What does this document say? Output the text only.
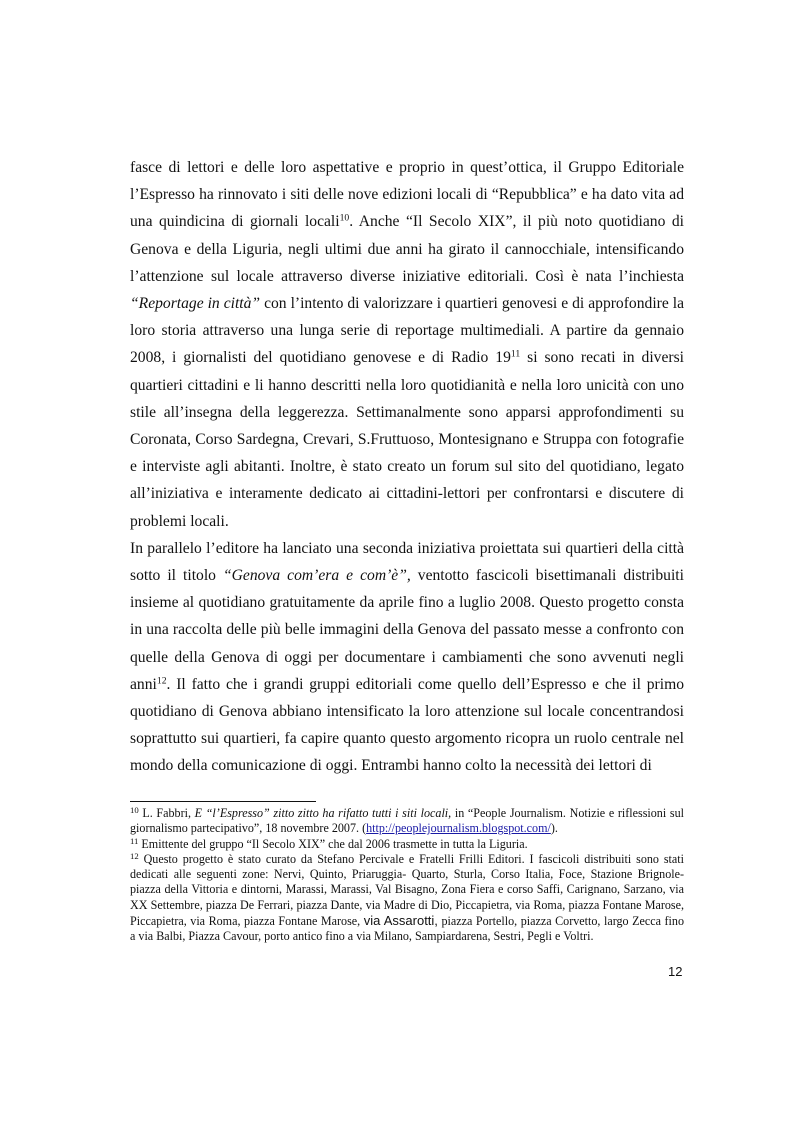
fasce di lettori e delle loro aspettative e proprio in quest’ottica, il Gruppo Editoriale l’Espresso ha rinnovato i siti delle nove edizioni locali di “Repubblica” e ha dato vita ad una quindicina di giornali locali$^{10}$. Anche “Il Secolo XIX”, il più noto quotidiano di Genova e della Liguria, negli ultimi due anni ha girato il cannocchiale, intensificando l’attenzione sul locale attraverso diverse iniziative editoriali. Così è nata l’inchiesta “Reportage in città” con l’intento di valorizzare i quartieri genovesi e di approfondire la loro storia attraverso una lunga serie di reportage multimediali. A partire da gennaio 2008, i giornalisti del quotidiano genovese e di Radio $19^{11}$ si sono recati in diversi quartieri cittadini e li hanno descritti nella loro quotidianità e nella loro unicità con uno stile all’insegna della leggerezza. Settimanalmente sono apparsi approfondimenti su Coronata, Corso Sardegna, Crevari, S.Fruttuoso, Montesignano e Struppa con fotografie e interviste agli abitanti. Inoltre, è stato creato un forum sul sito del quotidiano, legato all’iniziativa e interamente dedicato ai cittadini-lettori per confrontarsi e discutere di problemi locali.

In parallelo l’editore ha lanciato una seconda iniziativa proiettata sui quartieri della città sotto il titolo “Genova com’era e com’è”, ventotto fascicoli bisettimanali distribuiti insieme al quotidiano gratuitamente da aprile fino a luglio 2008. Questo progetto consta in una raccolta delle più belle immagini della Genova del passato messe a confronto con quelle della Genova di oggi per documentare i cambiamenti che sono avvenuti negli anni$^{12}$. Il fatto che i grandi gruppi editoriali come quello dell’Espresso e che il primo quotidiano di Genova abbiano intensificato la loro attenzione sul locale concentrandosi soprattutto sui quartieri, fa capire quanto questo argomento ricopra un ruolo centrale nel mondo della comunicazione di oggi. Entrambi hanno colto la necessità dei lettori di

$^{10}$ L. Fabbri, E “l’Espresso” zitto zitto ha rifatto tutti i siti locali, in “People Journalism. Notizie e riflessioni sul giornalismo partecipativo”, 18 novembre 2007. (http://peoplejournalism.blogspot.com/).

$^{11}$ Emittente del gruppo “Il Secolo XIX” che dal 2006 trasmette in tutta la Liguria.

$^{12}$ Questo progetto è stato curato da Stefano Percivale e Fratelli Frilli Editori. I fascicoli distribuiti sono stati dedicati alle seguenti zone: Nervi, Quinto, Priaruggia- Quarto, Sturla, Corso Italia, Foce, Stazione Brignole- piazza della Vittoria e dintorni, Marassi, Marassi, Val Bisagno, Zona Fiera e corso Saffi, Carignano, Sarzano, via XX Settembre, piazza De Ferrari, piazza Dante, via Madre di Dio, Piccapietra, via Roma, piazza Fontane Marose, Piccapietra, via Roma, piazza Fontane Marose, via Assarotti, piazza Portello, piazza Corvetto, largo Zecca fino a via Balbi, Piazza Cavour, porto antico fino a via Milano, Sampiardarena, Sestri, Pegli e Voltri.

12
